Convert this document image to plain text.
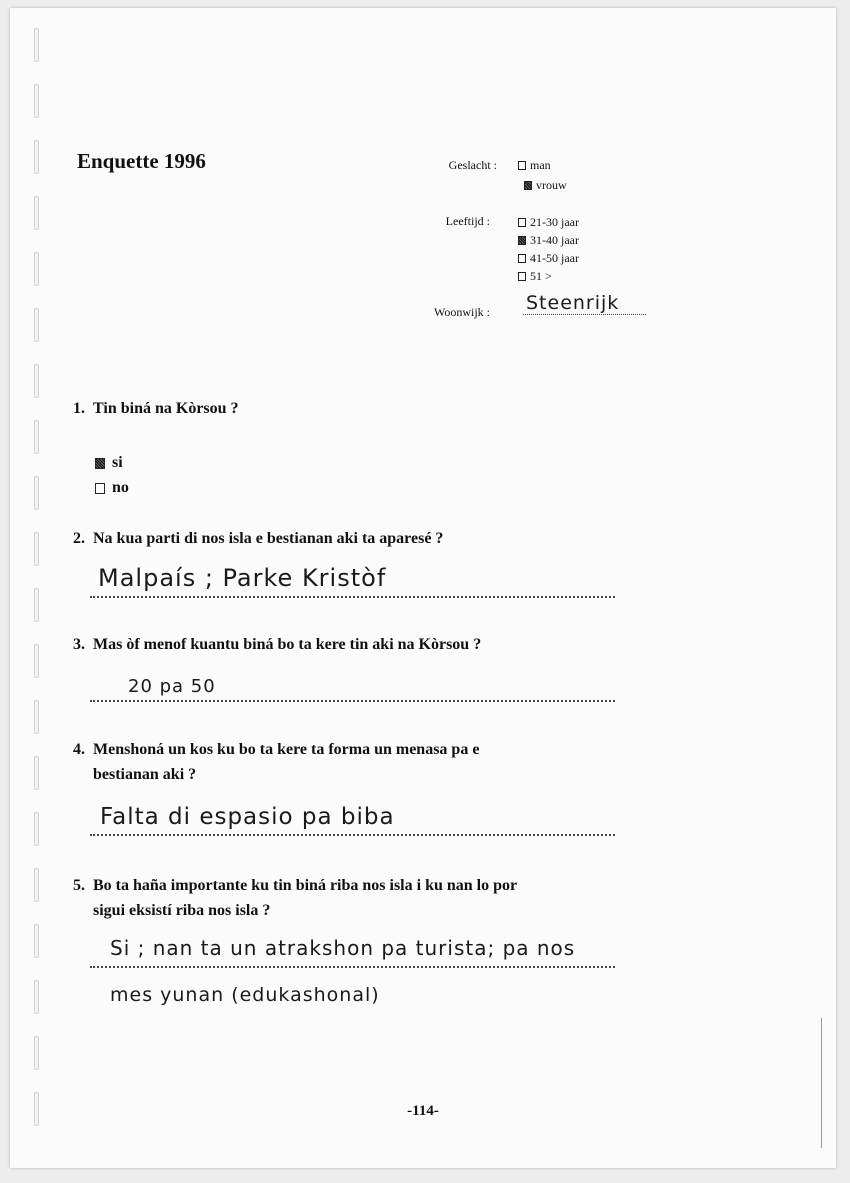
Enquette 1996	Geslacht :	man
vrouw
Leeftijd :	21-30 jaar
31-40 jaar
41-50 jaar
51 >
Woonwijk : Steenrijk
1. Tin biná na Kòrsou ?
si
no
2. Na kua parti di nos isla e bestianan aki ta aparesé ?
Malpaís ; Parke Kristòf
3. Mas òf menof kuantu biná bo ta kere tin aki na Kòrsou ?
20 pa 50
4. Menshoná un kos ku bo ta kere ta forma un menasa pa e
bestianan aki ?
Falta di espasio pa biba
5. Bo ta haña importante ku tin biná riba nos isla i ku nan lo por
sigui eksistí riba nos isla ?
Si ; nan ta un atrakshon pa turista; pa nos
mes yunan (edukashonal)
-114-
